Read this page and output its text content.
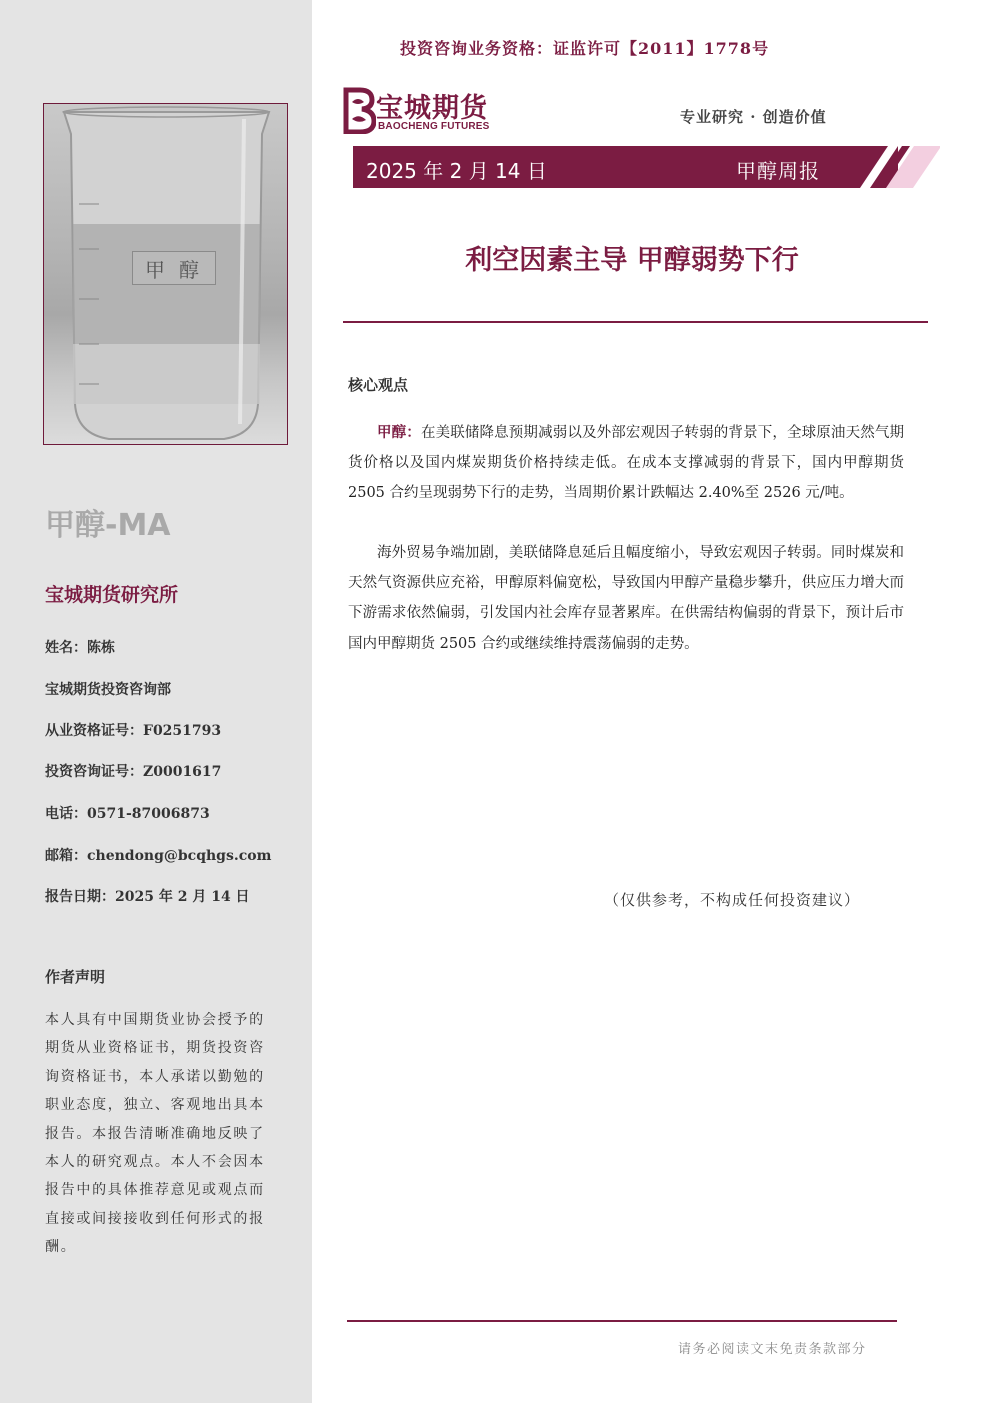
甲醇
甲醇-MA
宝城期货研究所
姓名：陈栋
宝城期货投资咨询部
从业资格证号：F0251793
投资咨询证号：Z0001617
电话：0571-87006873
邮箱：chendong@bcqhgs.com
报告日期：2025 年 2 月 14 日
作者声明
本人具有中国期货业协会授予的期货从业资格证书，期货投资咨询资格证书，本人承诺以勤勉的职业态度，独立、客观地出具本报告。本报告清晰准确地反映了本人的研究观点。本人不会因本报告中的具体推荐意见或观点而直接或间接接收到任何形式的报酬。
投资咨询业务资格：证监许可【2011】1778号
宝城期货
BAOCHENG FUTURES
专业研究 · 创造价值
2025 年 2 月 14 日	甲醇周报
利空因素主导 甲醇弱势下行
核心观点

甲醇：在美联储降息预期减弱以及外部宏观因子转弱的背景下，全球原油天然气期货价格以及国内煤炭期货价格持续走低。在成本支撑减弱的背景下，国内甲醇期货 2505 合约呈现弱势下行的走势，当周期价累计跌幅达 2.40%至 2526 元/吨。

海外贸易争端加剧，美联储降息延后且幅度缩小，导致宏观因子转弱。同时煤炭和天然气资源供应充裕，甲醇原料偏宽松，导致国内甲醇产量稳步攀升，供应压力增大而下游需求依然偏弱，引发国内社会库存显著累库。在供需结构偏弱的背景下，预计后市国内甲醇期货 2505 合约或继续维持震荡偏弱的走势。

（仅供参考，不构成任何投资建议）
请务必阅读文末免责条款部分
